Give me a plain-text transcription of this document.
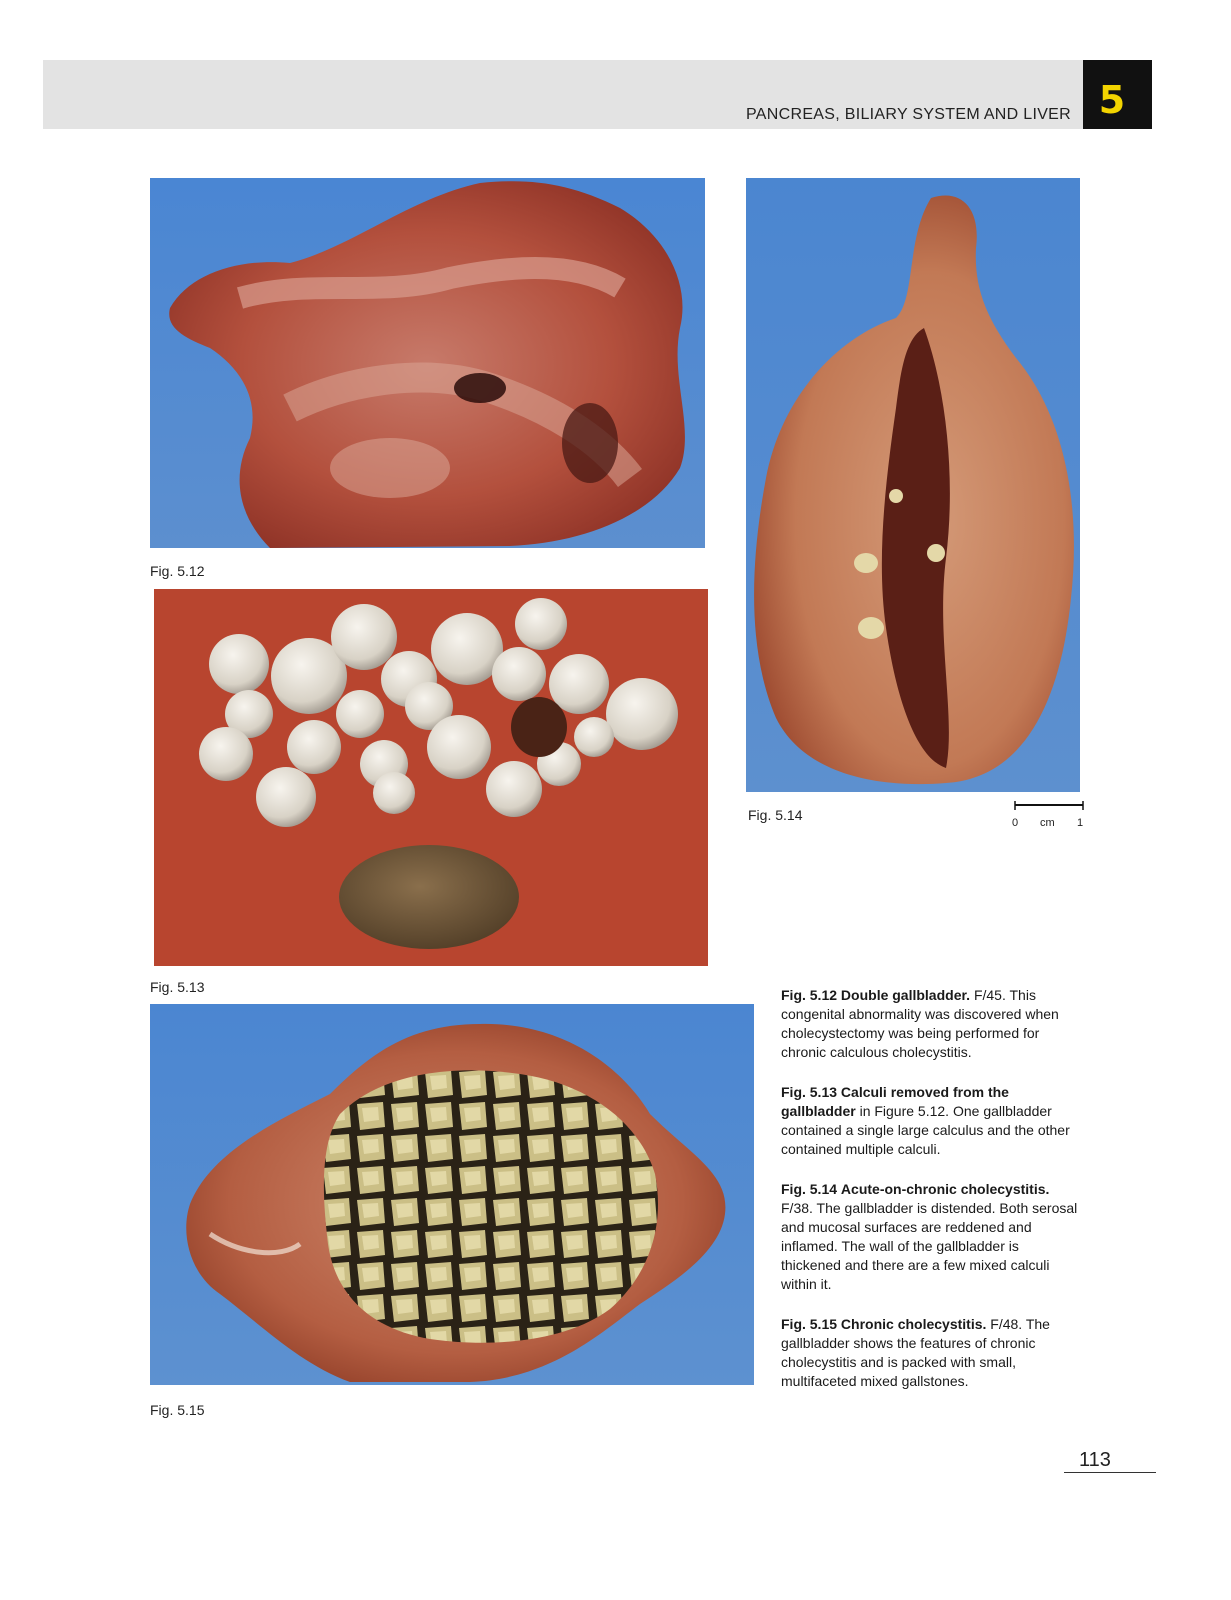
PANCREAS, BILIARY SYSTEM AND LIVER 5
Fig. 5.12
Fig. 5.13
Fig. 5.14	0 cm 1
Fig. 5.15

Fig. 5.12 Double gallbladder. F/45. This congenital abnormality was discovered when cholecystectomy was being performed for chronic calculous cholecystitis.

Fig. 5.13 Calculi removed from the gallbladder in Figure 5.12. One gallbladder contained a single large calculus and the other contained multiple calculi.

Fig. 5.14 Acute-on-chronic cholecystitis. F/38. The gallbladder is distended. Both serosal and mucosal surfaces are reddened and inflamed. The wall of the gallbladder is thickened and there are a few mixed calculi within it.

Fig. 5.15 Chronic cholecystitis. F/48. The gallbladder shows the features of chronic cholecystitis and is packed with small, multifaceted mixed gallstones.

113
